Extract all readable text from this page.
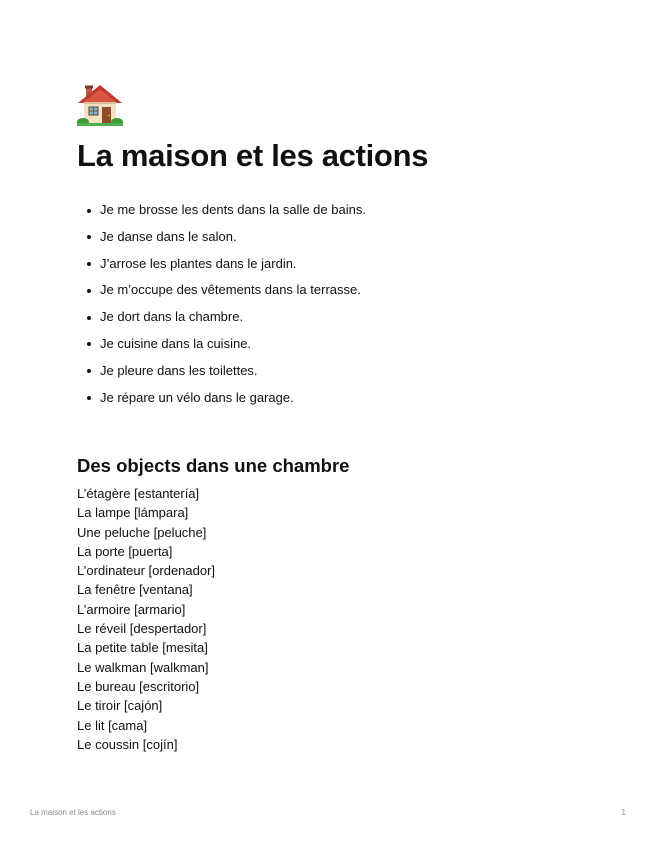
La maison et les actions
Je me brosse les dents dans la salle de bains.
Je danse dans le salon.
J’arrose les plantes dans le jardin.
Je m’occupe des vêtements dans la terrasse.
Je dort dans la chambre.
Je cuisine dans la cuisine.
Je pleure dans les toilettes.
Je répare un vélo dans le garage.
Des objects dans une chambre
L’étagère [estantería]
La lampe [lámpara]
Une peluche [peluche]
La porte [puerta]
L’ordinateur [ordenador]
La fenêtre [ventana]
L’armoire [armario]
Le réveil [despertador]
La petite table [mesita]
Le walkman [walkman]
Le bureau [escritorio]
Le tiroir [cajón]
Le lit [cama]
Le coussin [cojín]
La maison et les actions	1
